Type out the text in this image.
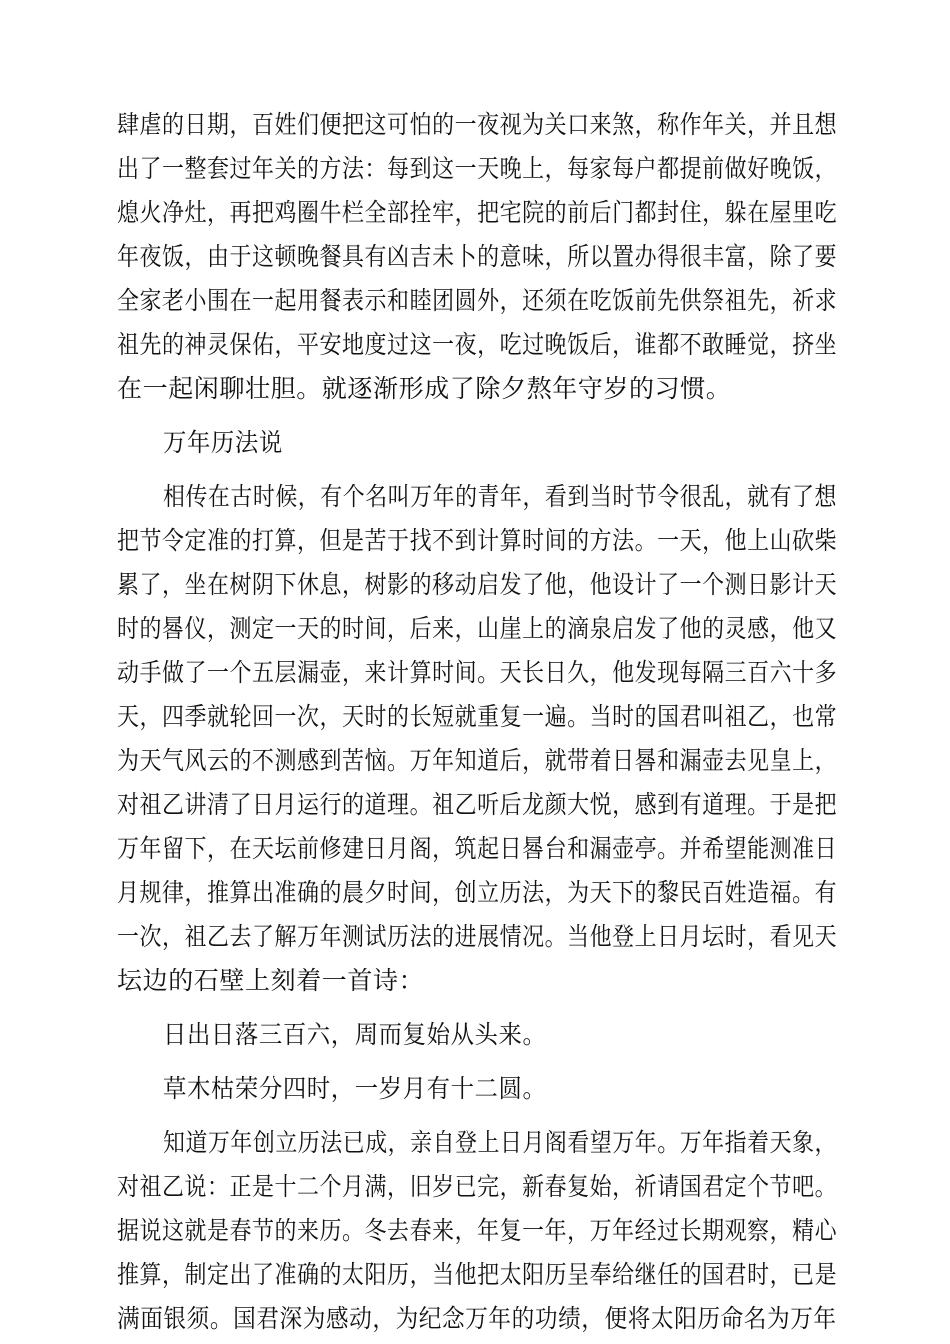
肆虐的日期，百姓们便把这可怕的一夜视为关口来煞，称作年关，并且想
出了一整套过年关的方法：每到这一天晚上，每家每户都提前做好晚饭，
熄火净灶，再把鸡圈牛栏全部拴牢，把宅院的前后门都封住，躲在屋里吃
年夜饭，由于这顿晚餐具有凶吉未卜的意味，所以置办得很丰富，除了要
全家老小围在一起用餐表示和睦团圆外，还须在吃饭前先供祭祖先，祈求
祖先的神灵保佑，平安地度过这一夜，吃过晚饭后，谁都不敢睡觉，挤坐
在一起闲聊壮胆。就逐渐形成了除夕熬年守岁的习惯。
万年历法说
相传在古时候，有个名叫万年的青年，看到当时节令很乱，就有了想
把节令定准的打算，但是苦于找不到计算时间的方法。一天，他上山砍柴
累了，坐在树阴下休息，树影的移动启发了他，他设计了一个测日影计天
时的晷仪，测定一天的时间，后来，山崖上的滴泉启发了他的灵感，他又
动手做了一个五层漏壶，来计算时间。天长日久，他发现每隔三百六十多
天，四季就轮回一次，天时的长短就重复一遍。当时的国君叫祖乙，也常
为天气风云的不测感到苦恼。万年知道后，就带着日晷和漏壶去见皇上，
对祖乙讲清了日月运行的道理。祖乙听后龙颜大悦，感到有道理。于是把
万年留下，在天坛前修建日月阁，筑起日晷台和漏壶亭。并希望能测准日
月规律，推算出准确的晨夕时间，创立历法，为天下的黎民百姓造福。有
一次，祖乙去了解万年测试历法的进展情况。当他登上日月坛时，看见天
坛边的石壁上刻着一首诗：
日出日落三百六，周而复始从头来。
草木枯荣分四时，一岁月有十二圆。
知道万年创立历法已成，亲自登上日月阁看望万年。万年指着天象，
对祖乙说：正是十二个月满，旧岁已完，新春复始，祈请国君定个节吧。
据说这就是春节的来历。冬去春来，年复一年，万年经过长期观察，精心
推算，制定出了准确的太阳历，当他把太阳历呈奉给继任的国君时，已是
满面银须。国君深为感动，为纪念万年的功绩，便将太阳历命名为万年
